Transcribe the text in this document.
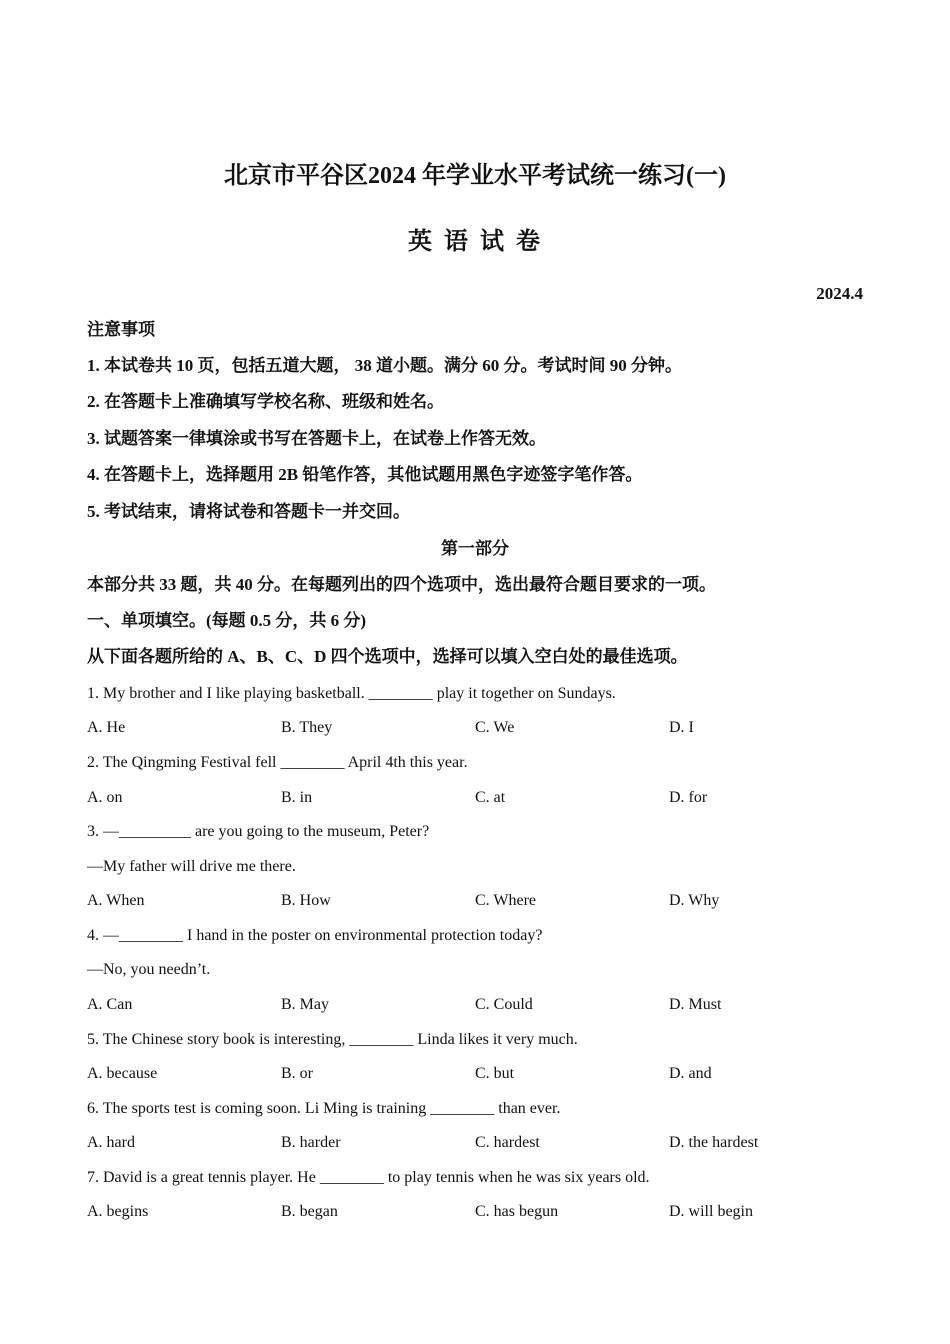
北京市平谷区2024 年学业水平考试统一练习(一)
英语试卷
2024.4
注意事项
1. 本试卷共 10 页，包括五道大题， 38 道小题。满分 60 分。考试时间 90 分钟。
2. 在答题卡上准确填写学校名称、班级和姓名。
3. 试题答案一律填涂或书写在答题卡上，在试卷上作答无效。
4. 在答题卡上，选择题用 2B 铅笔作答，其他试题用黑色字迹签字笔作答。
5. 考试结束，请将试卷和答题卡一并交回。
第一部分
本部分共 33 题，共 40 分。在每题列出的四个选项中，选出最符合题目要求的一项。
一、单项填空。(每题 0.5 分，共 6 分)
从下面各题所给的 A、B、C、D 四个选项中，选择可以填入空白处的最佳选项。
1. My brother and I like playing basketball. ________ play it together on Sundays.
A. He	B. They	C. We	D. I
2. The Qingming Festival fell ________ April 4th this year.
A. on	B. in	C. at	D. for
3. —_________ are you going to the museum, Peter?
—My father will drive me there.
A. When	B. How	C. Where	D. Why
4. —________ I hand in the poster on environmental protection today?
—No, you needn’t.
A. Can	B. May	C. Could	D. Must
5. The Chinese story book is interesting, ________ Linda likes it very much.
A. because	B. or	C. but	D. and
6. The sports test is coming soon. Li Ming is training ________ than ever.
A. hard	B. harder	C. hardest	D. the hardest
7. David is a great tennis player. He ________ to play tennis when he was six years old.
A. begins	B. began	C. has begun	D. will begin
